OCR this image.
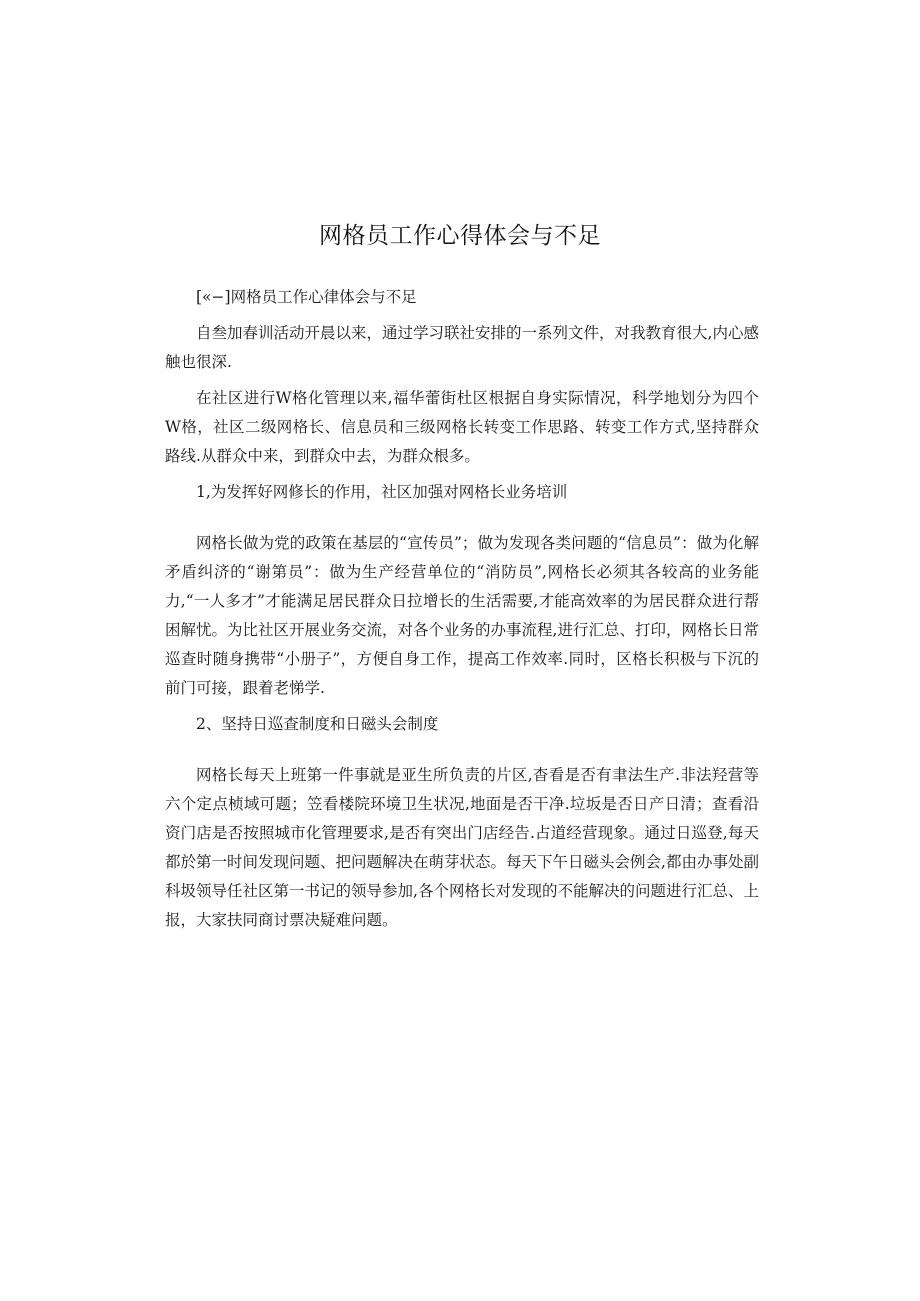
网格员工作心得体会与不足

[«−]网格员工作心律体会与不足

自叁加春训活动开晨以来，通过学习联社安排的一系列文件，对我教育很大,内心感触也很深.

在社区进行W格化管理以来,福华蕾街杜区根据自身实际情况，科学地划分为四个W格，社区二级网格长、信息员和三级网格长转变工作思路、转变工作方式,坚持群众路线.从群众中来，到群众中去，为群众根多。

1,为发挥好网修长的作用，社区加强对网格长业务培训

网格长做为党的政策在基层的“宣传员”；做为发现各类问题的“信息员”：做为化解矛盾纠济的“谢第员”：做为生产经营单位的“消防员”,网格长必须其各较高的业务能力,“一人多才”才能满足居民群众日拉增长的生活需要,才能高效率的为居民群众进行帮困解忧。为比社区开展业务交流，对各个业务的办事流程,进行汇总、打印，网格长日常巡查时随身携带“小册子”，方便自身工作，提高工作效率.同时，区格长积极与下沉的前门可接，跟着老悌学.

2、坚持日巡查制度和日磁头会制度

网格长每天上班第一件事就是亚生所负责的片区,杳看是否有聿法生产.非法羟营等六个定点桢域可题；笠看楼院环境卫生状况,地面是否干净.垃坂是否日产日清；查看沿资门店是否按照城市化管理要求,是否有突出门店经告.占道经营现象。通过日巡登,每天都於第一时间发现问题、把问题解决在萌芽状态。每天下午日磁头会例会,都由办事处副科圾领导任社区第一书记的领导参加,各个网格长对发现的不能解决的问题进行汇总、上报，大家扶同商讨票决疑难问题。
